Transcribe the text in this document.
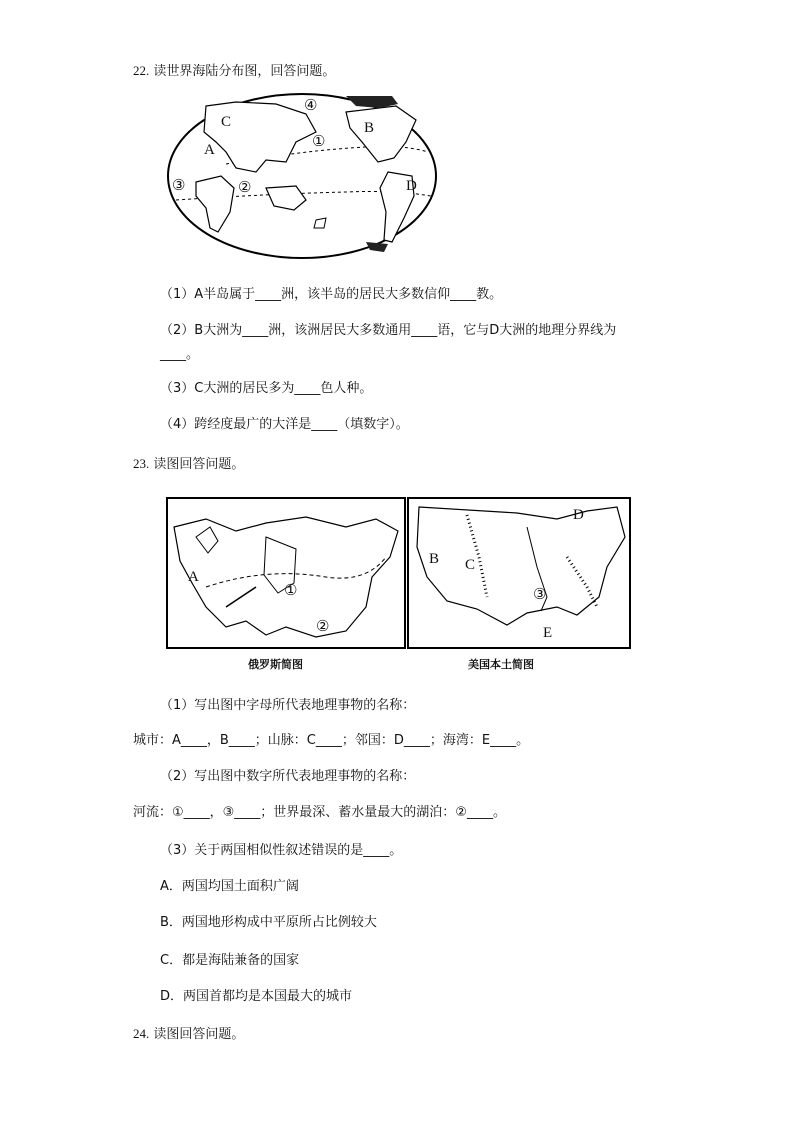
22. 读世界海陆分布图，回答问题。
C
A
B
D
①
②
③
④
（1）A半岛属于____洲，该半岛的居民大多数信仰____教。
（2）B大洲为____洲，该洲居民大多数通用____语，它与D大洲的地理分界线为
____。
（3）C大洲的居民多为____色人种。
（4）跨经度最广的大洋是____（填数字）。
23. 读图回答问题。
A
①
②
俄罗斯简图
B C
D
E
③
美国本土简图
（1）写出图中字母所代表地理事物的名称：
城市：A____，B____；山脉：C____；邻国：D____；海湾：E____。
（2）写出图中数字所代表地理事物的名称：
河流：①____，③____；世界最深、蓄水量最大的湖泊：②____。
（3）关于两国相似性叙述错误的是____。
A．两国均国土面积广阔
B．两国地形构成中平原所占比例较大
C．都是海陆兼备的国家
D．两国首都均是本国最大的城市
24. 读图回答问题。
